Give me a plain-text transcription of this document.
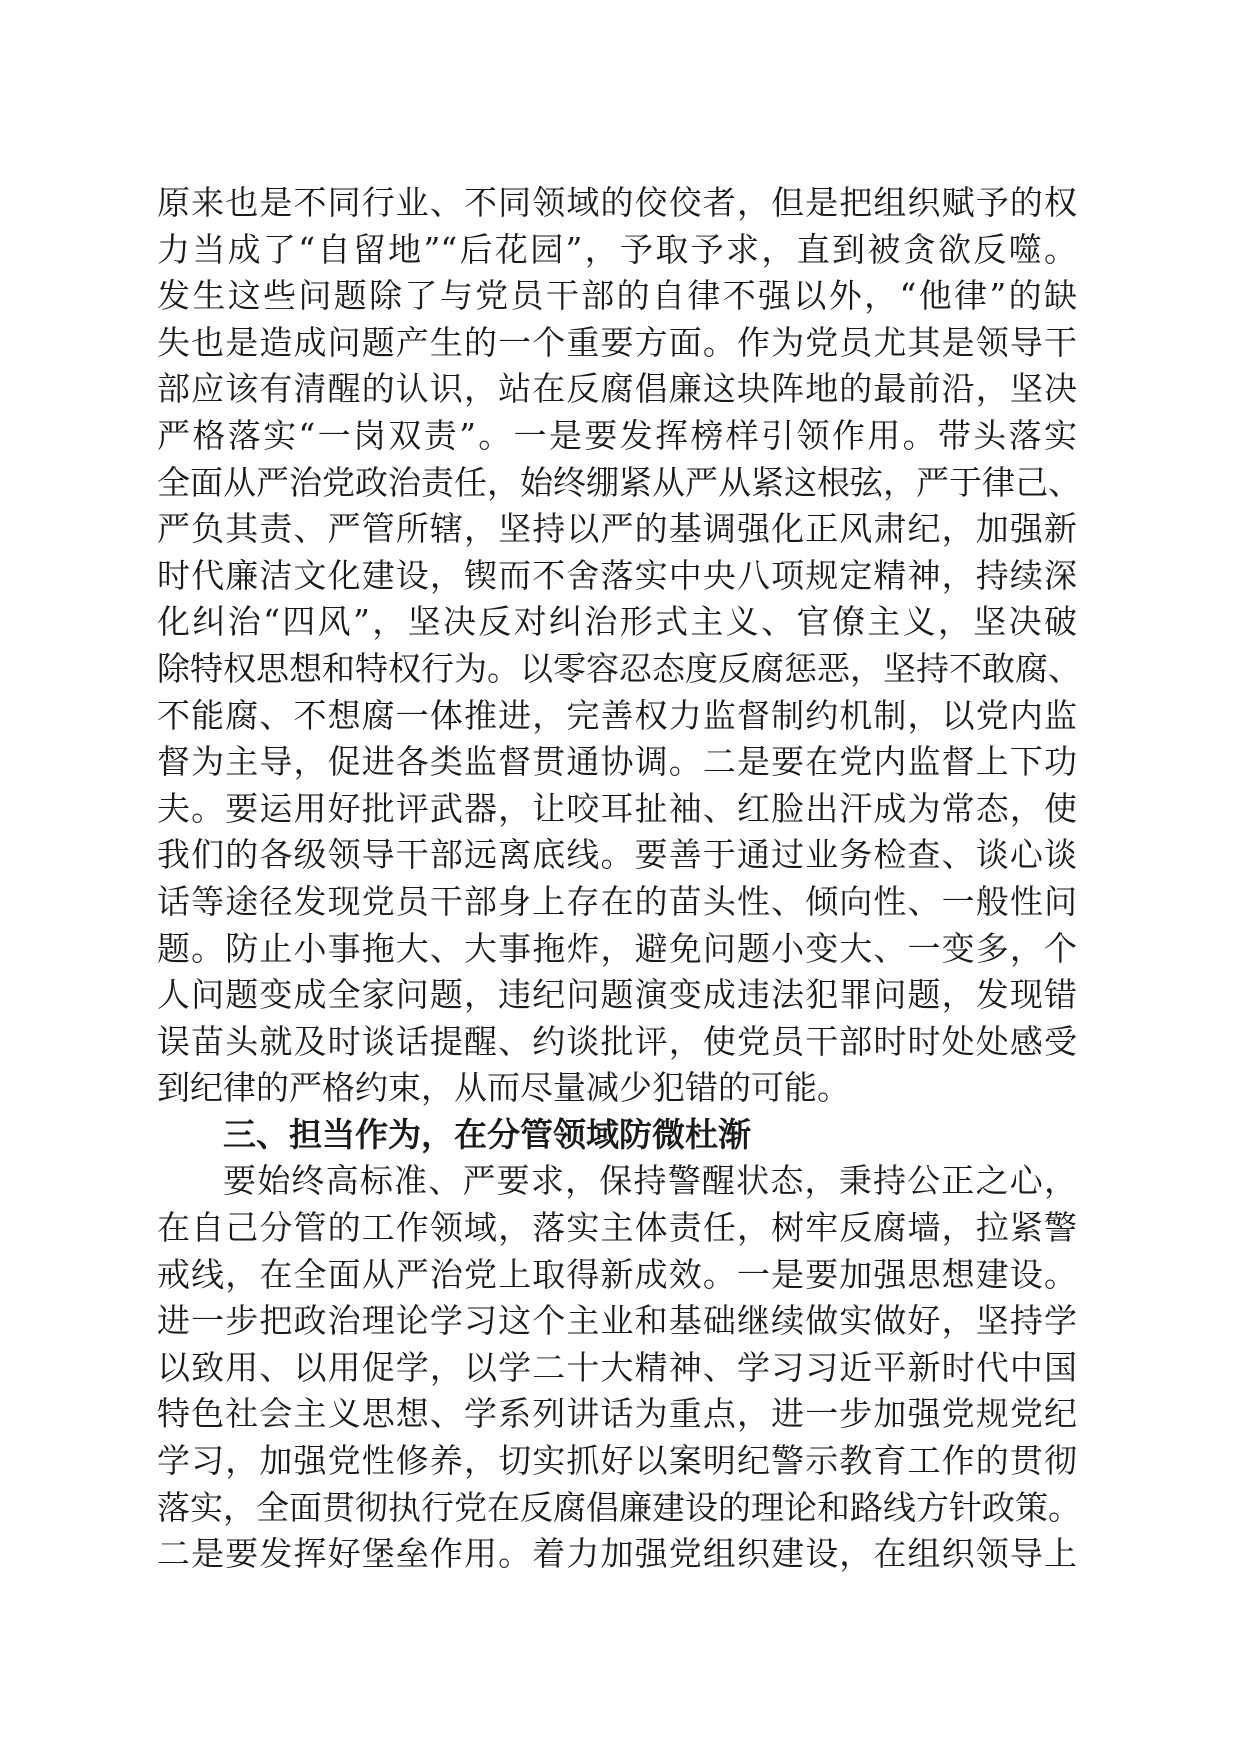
原来也是不同行业、不同领域的佼佼者，但是把组织赋予的权
力当成了“自留地”“后花园”，予取予求，直到被贪欲反噬。
发生这些问题除了与党员干部的自律不强以外，“他律”的缺
失也是造成问题产生的一个重要方面。作为党员尤其是领导干
部应该有清醒的认识，站在反腐倡廉这块阵地的最前沿，坚决
严格落实“一岗双责”。一是要发挥榜样引领作用。带头落实
全面从严治党政治责任，始终绷紧从严从紧这根弦，严于律己、
严负其责、严管所辖，坚持以严的基调强化正风肃纪，加强新
时代廉洁文化建设，锲而不舍落实中央八项规定精神，持续深
化纠治“四风”，坚决反对纠治形式主义、官僚主义，坚决破
除特权思想和特权行为。以零容忍态度反腐惩恶，坚持不敢腐、
不能腐、不想腐一体推进，完善权力监督制约机制，以党内监
督为主导，促进各类监督贯通协调。二是要在党内监督上下功
夫。要运用好批评武器，让咬耳扯袖、红脸出汗成为常态，使
我们的各级领导干部远离底线。要善于通过业务检查、谈心谈
话等途径发现党员干部身上存在的苗头性、倾向性、一般性问
题。防止小事拖大、大事拖炸，避免问题小变大、一变多，个
人问题变成全家问题，违纪问题演变成违法犯罪问题，发现错
误苗头就及时谈话提醒、约谈批评，使党员干部时时处处感受
到纪律的严格约束，从而尽量减少犯错的可能。
三、担当作为，在分管领域防微杜渐
要始终高标准、严要求，保持警醒状态，秉持公正之心，
在自己分管的工作领域，落实主体责任，树牢反腐墙，拉紧警
戒线，在全面从严治党上取得新成效。一是要加强思想建设。
进一步把政治理论学习这个主业和基础继续做实做好，坚持学
以致用、以用促学，以学二十大精神、学习习近平新时代中国
特色社会主义思想、学系列讲话为重点，进一步加强党规党纪
学习，加强党性修养，切实抓好以案明纪警示教育工作的贯彻
落实，全面贯彻执行党在反腐倡廉建设的理论和路线方针政策。
二是要发挥好堡垒作用。着力加强党组织建设，在组织领导上
